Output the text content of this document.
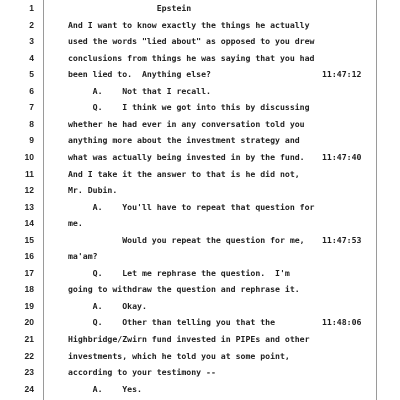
1	Epstein
2	And I want to know exactly the things he actually
3	used the words "lied about" as opposed to you drew
4	conclusions from things he was saying that you had
5	been lied to.  Anything else?	11:47:12
6	A.    Not that I recall.
7	Q.    I think we got into this by discussing
8	whether he had ever in any conversation told you
9	anything more about the investment strategy and
10	what was actually being invested in by the fund.	11:47:40
11	And I take it the answer to that is he did not,
12	Mr. Dubin.
13	A.    You'll have to repeat that question for
14	me.
15	Would you repeat the question for me,	11:47:53
16	ma'am?
17	Q.    Let me rephrase the question.  I'm
18	going to withdraw the question and rephrase it.
19	A.    Okay.
20	Q.    Other than telling you that the	11:48:06
21	Highbridge/Zwirn fund invested in PIPEs and other
22	investments, which he told you at some point,
23	according to your testimony --
24	A.    Yes.
